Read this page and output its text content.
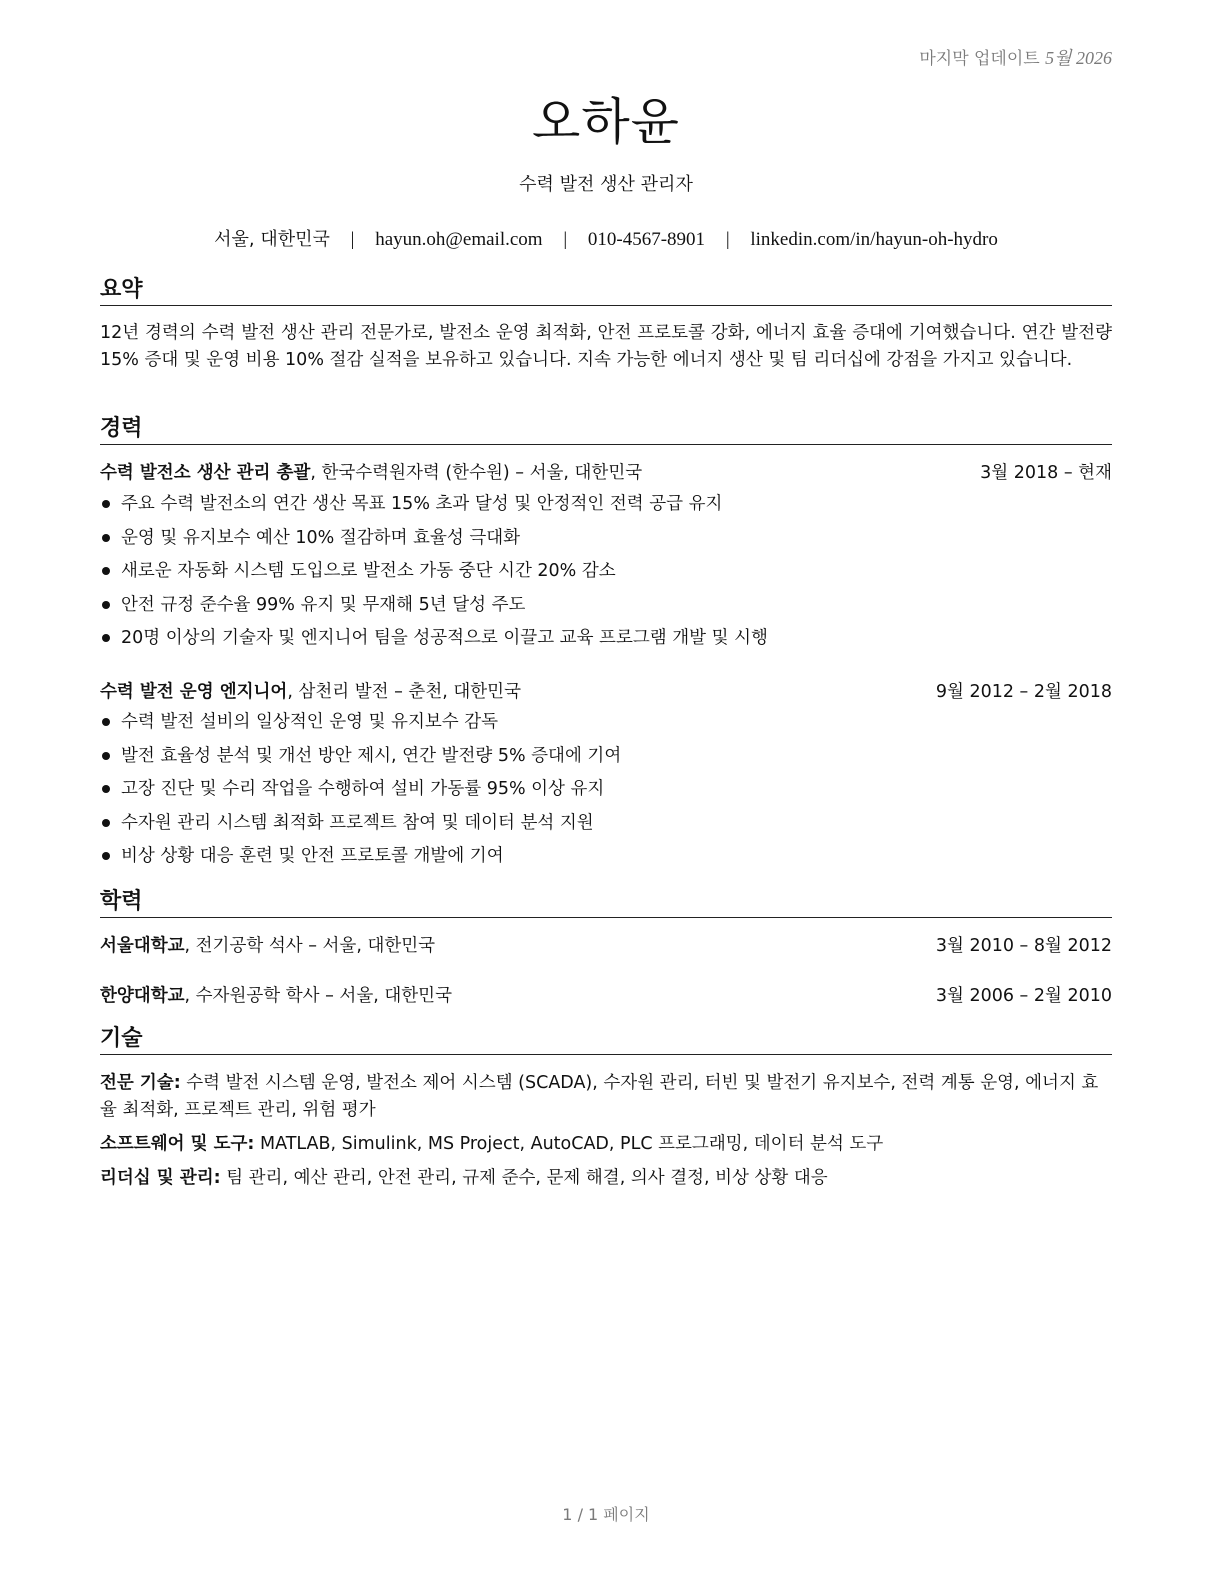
마지막 업데이트 5월 2026
오하윤
수력 발전 생산 관리자
서울, 대한민국 | hayun.oh@email.com | 010-4567-8901 | linkedin.com/in/hayun-oh-hydro
요약
12년 경력의 수력 발전 생산 관리 전문가로, 발전소 운영 최적화, 안전 프로토콜 강화, 에너지 효율 증대에 기여했습니다. 연간 발전량 15% 증대 및 운영 비용 10% 절감 실적을 보유하고 있습니다. 지속 가능한 에너지 생산 및 팀 리더십에 강점을 가지고 있습니다.
경력
수력 발전소 생산 관리 총괄, 한국수력원자력 (한수원) – 서울, 대한민국	3월 2018 – 현재
주요 수력 발전소의 연간 생산 목표 15% 초과 달성 및 안정적인 전력 공급 유지
운영 및 유지보수 예산 10% 절감하며 효율성 극대화
새로운 자동화 시스템 도입으로 발전소 가동 중단 시간 20% 감소
안전 규정 준수율 99% 유지 및 무재해 5년 달성 주도
20명 이상의 기술자 및 엔지니어 팀을 성공적으로 이끌고 교육 프로그램 개발 및 시행
수력 발전 운영 엔지니어, 삼천리 발전 – 춘천, 대한민국	9월 2012 – 2월 2018
수력 발전 설비의 일상적인 운영 및 유지보수 감독
발전 효율성 분석 및 개선 방안 제시, 연간 발전량 5% 증대에 기여
고장 진단 및 수리 작업을 수행하여 설비 가동률 95% 이상 유지
수자원 관리 시스템 최적화 프로젝트 참여 및 데이터 분석 지원
비상 상황 대응 훈련 및 안전 프로토콜 개발에 기여
학력
서울대학교, 전기공학 석사 – 서울, 대한민국	3월 2010 – 8월 2012
한양대학교, 수자원공학 학사 – 서울, 대한민국	3월 2006 – 2월 2010
기술
전문 기술: 수력 발전 시스템 운영, 발전소 제어 시스템 (SCADA), 수자원 관리, 터빈 및 발전기 유지보수, 전력 계통 운영, 에너지 효율 최적화, 프로젝트 관리, 위험 평가
소프트웨어 및 도구: MATLAB, Simulink, MS Project, AutoCAD, PLC 프로그래밍, 데이터 분석 도구
리더십 및 관리: 팀 관리, 예산 관리, 안전 관리, 규제 준수, 문제 해결, 의사 결정, 비상 상황 대응
1 / 1 페이지
